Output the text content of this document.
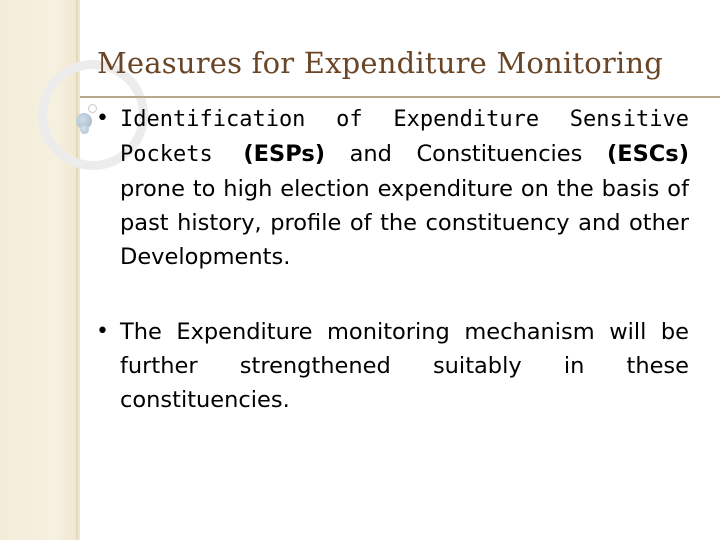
Measures for Expenditure Monitoring
• Identification of Expenditure Sensitive Pockets (ESPs) and Constituencies (ESCs) prone to high election expenditure on the basis of past history, profile of the constituency and other Developments.
• The Expenditure monitoring mechanism will be further strengthened suitably in these constituencies.
